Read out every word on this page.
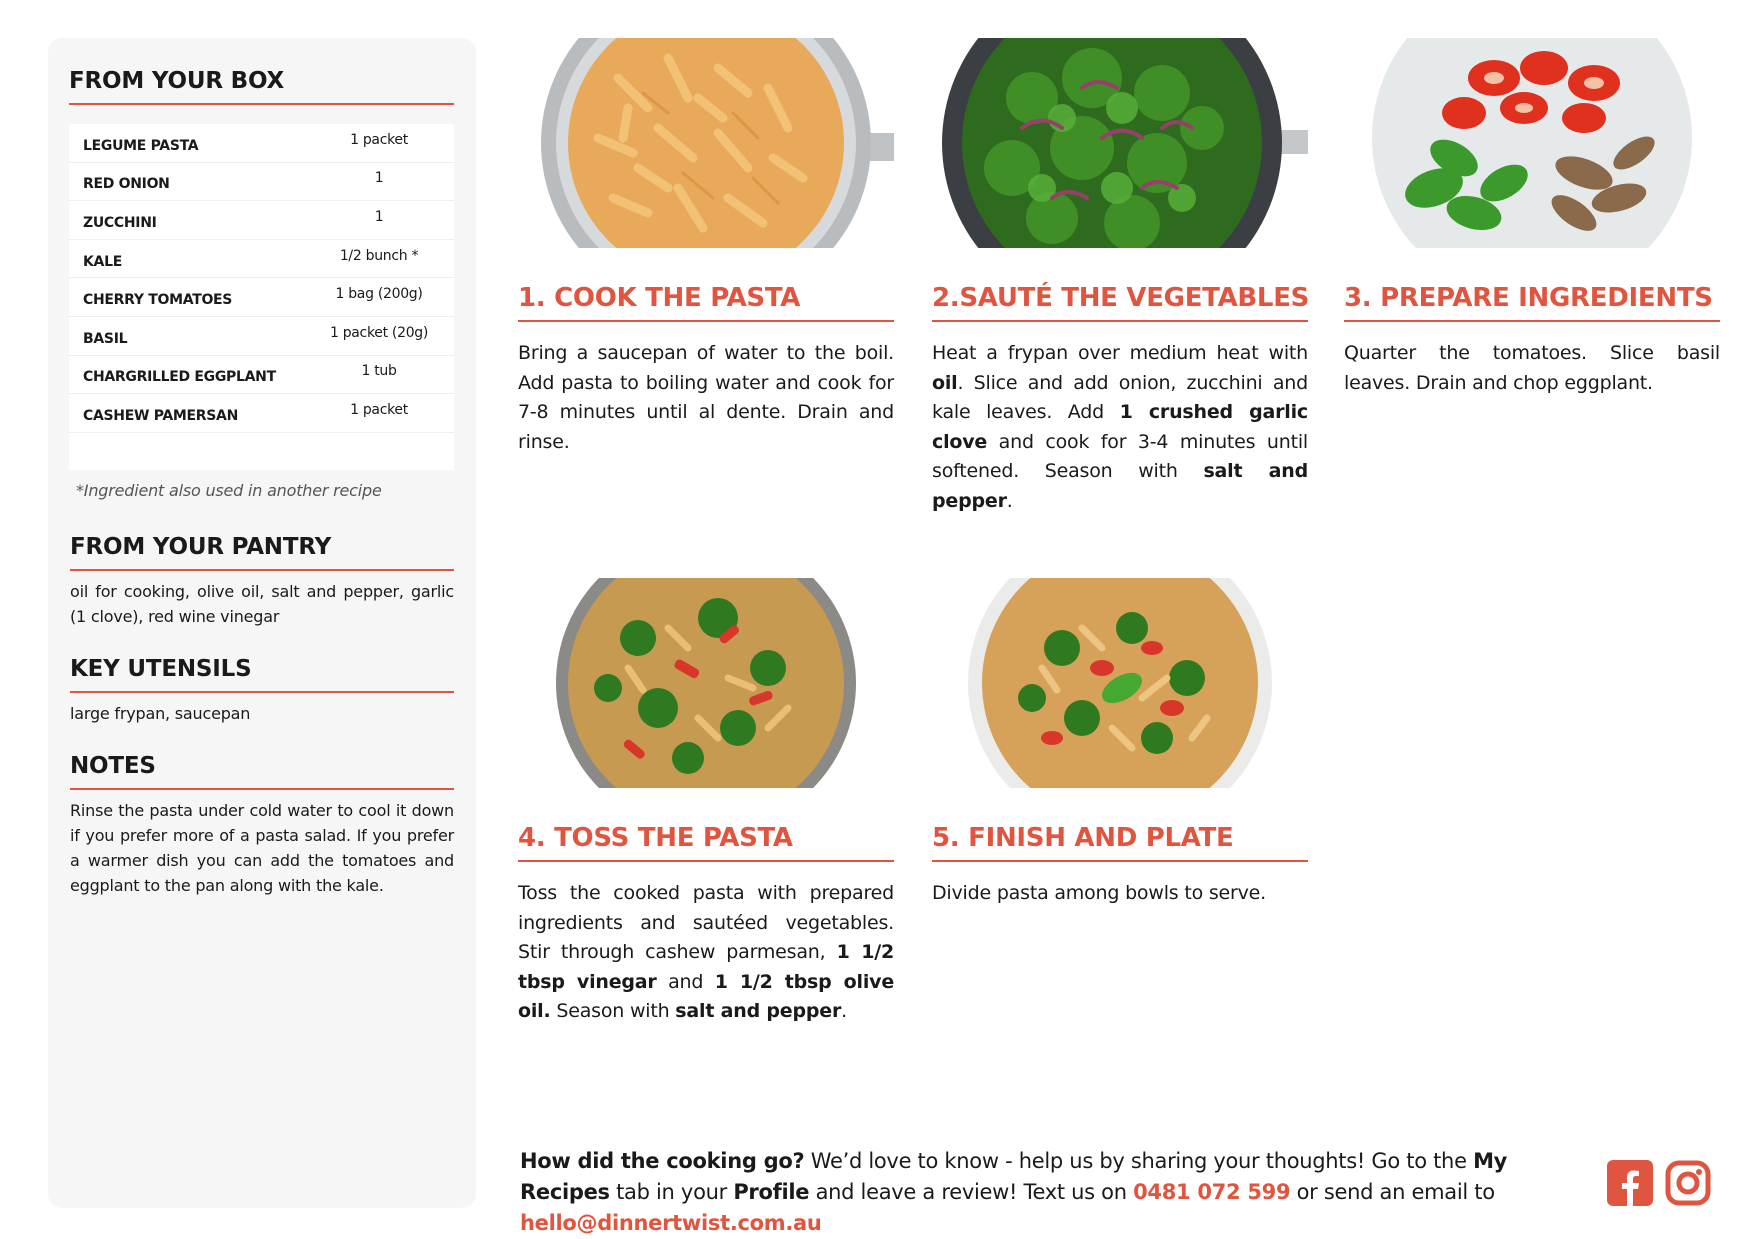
FROM YOUR BOX
LEGUME PASTA	1 packet
RED ONION	1
ZUCCHINI	1
KALE	1/2 bunch *
CHERRY TOMATOES	1 bag (200g)
BASIL	1 packet (20g)
CHARGRILLED EGGPLANT	1 tub
CASHEW PAMERSAN	1 packet
*Ingredient also used in another recipe
FROM YOUR PANTRY
oil for cooking, olive oil, salt and pepper, garlic (1 clove), red wine vinegar
KEY UTENSILS
large frypan, saucepan
NOTES
Rinse the pasta under cold water to cool it down if you prefer more of a pasta salad. If you prefer a warmer dish you can add the tomatoes and eggplant to the pan along with the kale.
1. COOK THE PASTA
Bring a saucepan of water to the boil. Add pasta to boiling water and cook for 7-8 minutes until al dente. Drain and rinse.
2.SAUTÉ THE VEGETABLES
Heat a frypan over medium heat with oil. Slice and add onion, zucchini and kale leaves. Add 1 crushed garlic clove and cook for 3-4 minutes until softened. Season with salt and pepper.
3. PREPARE INGREDIENTS
Quarter the tomatoes. Slice basil leaves. Drain and chop eggplant.
4. TOSS THE PASTA
Toss the cooked pasta with prepared ingredients and sautéed vegetables. Stir through cashew parmesan, 1 1/2 tbsp vinegar and 1 1/2 tbsp olive oil. Season with salt and pepper.
5. FINISH AND PLATE
Divide pasta among bowls to serve.
How did the cooking go? We’d love to know - help us by sharing your thoughts! Go to the My Recipes tab in your Profile and leave a review! Text us on 0481 072 599 or send an email to hello@dinnertwist.com.au
